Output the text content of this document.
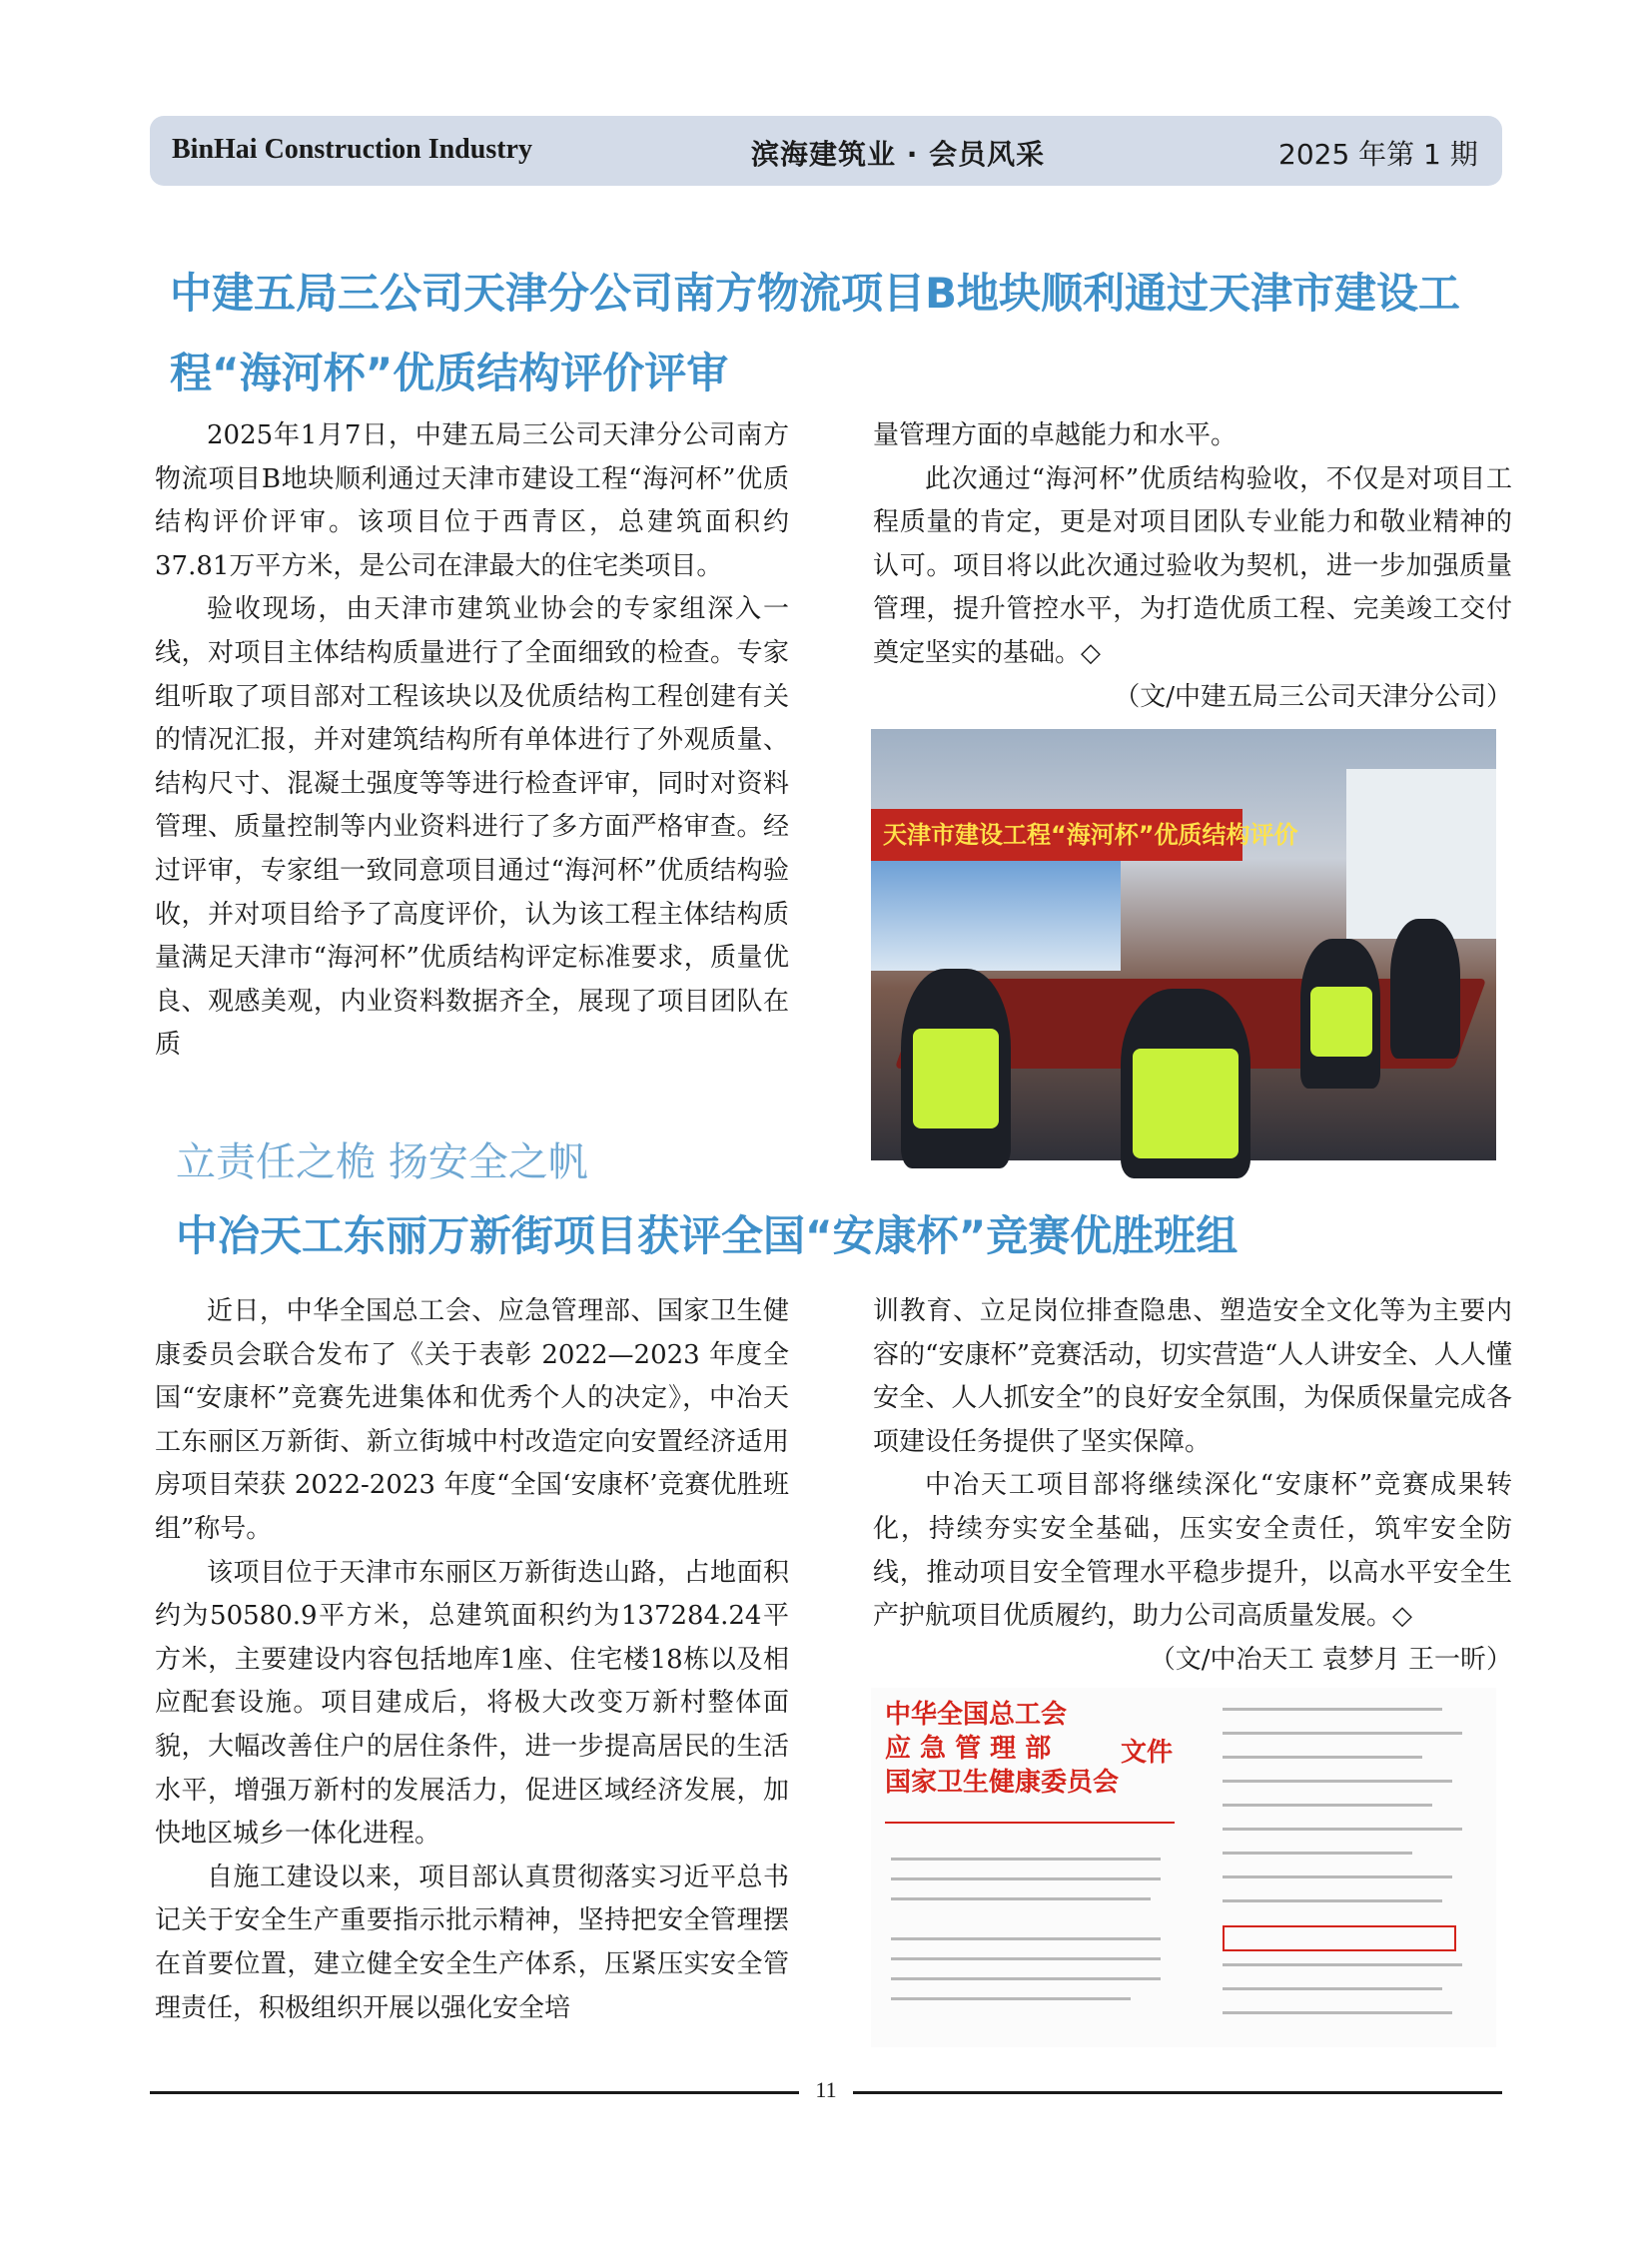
BinHai Construction Industry	滨海建筑业 · 会员风采	2025 年第 1 期
中建五局三公司天津分公司南方物流项目B地块顺利通过天津市建设工程“海河杯”优质结构评价评审

2025年1月7日，中建五局三公司天津分公司南方物流项目B地块顺利通过天津市建设工程“海河杯”优质结构评价评审。该项目位于西青区，总建筑面积约37.81万平方米，是公司在津最大的住宅类项目。

验收现场，由天津市建筑业协会的专家组深入一线，对项目主体结构质量进行了全面细致的检查。专家组听取了项目部对工程该块以及优质结构工程创建有关的情况汇报，并对建筑结构所有单体进行了外观质量、结构尺寸、混凝土强度等等进行检查评审，同时对资料管理、质量控制等内业资料进行了多方面严格审查。经过评审，专家组一致同意项目通过“海河杯”优质结构验收，并对项目给予了高度评价，认为该工程主体结构质量满足天津市“海河杯”优质结构评定标准要求，质量优良、观感美观，内业资料数据齐全，展现了项目团队在质

量管理方面的卓越能力和水平。

此次通过“海河杯”优质结构验收，不仅是对项目工程质量的肯定，更是对项目团队专业能力和敬业精神的认可。项目将以此次通过验收为契机，进一步加强质量管理，提升管控水平，为打造优质工程、完美竣工交付奠定坚实的基础。◇

（文/中建五局三公司天津分公司）

天津市建设工程“海河杯”优质结构评价
立责任之桅 扬安全之帆
中冶天工东丽万新街项目获评全国“安康杯”竞赛优胜班组

近日，中华全国总工会、应急管理部、国家卫生健康委员会联合发布了《关于表彰 2022—2023 年度全国“安康杯”竞赛先进集体和优秀个人的决定》，中冶天工东丽区万新街、新立街城中村改造定向安置经济适用房项目荣获 2022-2023 年度“全国‘安康杯’竞赛优胜班组”称号。

该项目位于天津市东丽区万新街迭山路，占地面积约为50580.9平方米，总建筑面积约为137284.24平方米，主要建设内容包括地库1座、住宅楼18栋以及相应配套设施。项目建成后，将极大改变万新村整体面貌，大幅改善住户的居住条件，进一步提高居民的生活水平，增强万新村的发展活力，促进区域经济发展，加快地区城乡一体化进程。

自施工建设以来，项目部认真贯彻落实习近平总书记关于安全生产重要指示批示精神，坚持把安全管理摆在首要位置，建立健全安全生产体系，压紧压实安全管理责任，积极组织开展以强化安全培

训教育、立足岗位排查隐患、塑造安全文化等为主要内容的“安康杯”竞赛活动，切实营造“人人讲安全、人人懂安全、人人抓安全”的良好安全氛围，为保质保量完成各项建设任务提供了坚实保障。

中冶天工项目部将继续深化“安康杯”竞赛成果转化，持续夯实安全基础，压实安全责任，筑牢安全防线，推动项目安全管理水平稳步提升，以高水平安全生产护航项目优质履约，助力公司高质量发展。◇

（文/中冶天工 袁梦月 王一昕）

中华全国总工会
应 急 管 理 部
国家卫生健康委员会
文件
11
